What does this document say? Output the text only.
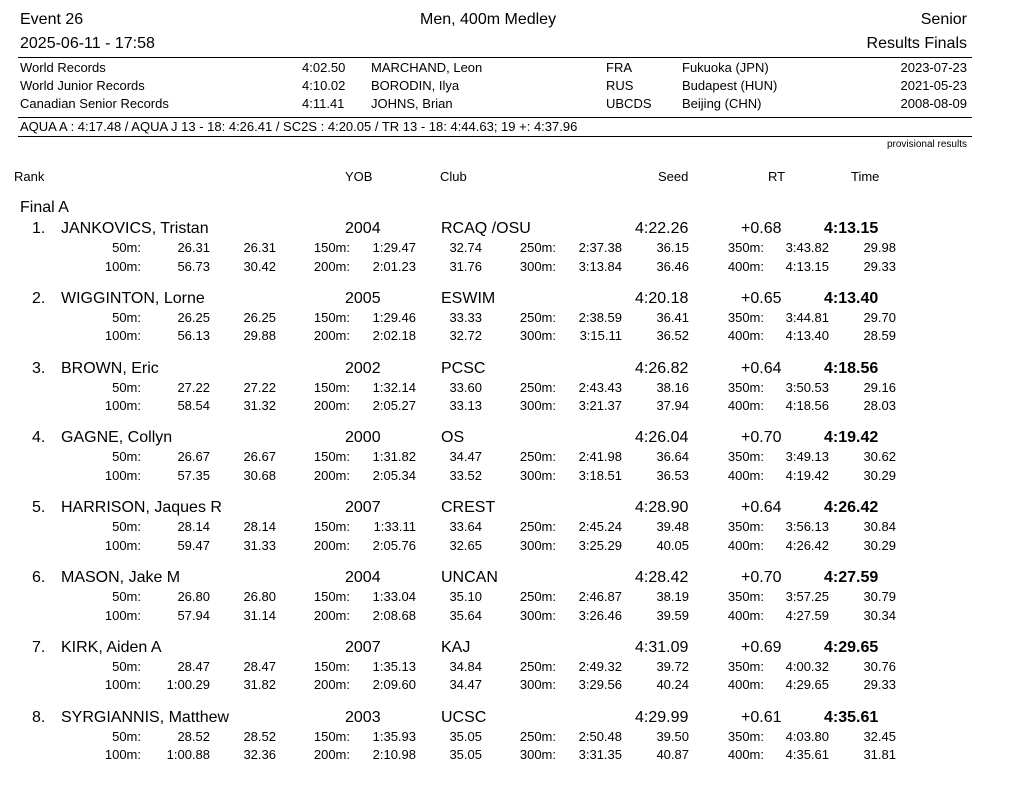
Event 26	Men, 400m Medley	Senior
2025-06-11 - 17:58	Results Finals
World Records	4:02.50 MARCHAND, Leon	FRA	Fukuoka (JPN)	2023-07-23
World Junior Records	4:10.02 BORODIN, Ilya	RUS	Budapest (HUN)	2021-05-23
Canadian Senior Records	4:11.41 JOHNS, Brian	UBCDS Beijing (CHN)	2008-08-09
AQUA A : 4:17.48 / AQUA J 13 - 18: 4:26.41 / SC2S : 4:20.05 / TR 13 - 18: 4:44.63; 19 +: 4:37.96
provisional results
Rank	YOB	Club	Seed	RT	Time
Final A
1. JANKOVICS, Tristan	2004	RCAQ /OSU	4:22.26	+0.68	4:13.15
50m:	26.31	26.31
100m:	56.73	30.42
150m: 1:29.47	32.74
200m: 2:01.23	31.76
250m: 2:37.38	36.15
300m: 3:13.84	36.46
350m: 3:43.82	29.98
400m: 4:13.15	29.33
2. WIGGINTON, Lorne	2005	ESWIM	4:20.18	+0.65	4:13.40
50m:	26.25	26.25
100m:	56.13	29.88
150m: 1:29.46	33.33
200m: 2:02.18	32.72
250m: 2:38.59	36.41
300m: 3:15.11	36.52
350m: 3:44.81	29.70
400m: 4:13.40	28.59
3. BROWN, Eric	2002	PCSC	4:26.82	+0.64	4:18.56
50m:	27.22	27.22
100m:	58.54	31.32
150m: 1:32.14	33.60
200m: 2:05.27	33.13
250m: 2:43.43	38.16
300m: 3:21.37	37.94
350m: 3:50.53	29.16
400m: 4:18.56	28.03
4. GAGNE, Collyn	2000	OS	4:26.04	+0.70	4:19.42
50m:	26.67	26.67
100m:	57.35	30.68
150m: 1:31.82	34.47
200m: 2:05.34	33.52
250m: 2:41.98	36.64
300m: 3:18.51	36.53
350m: 3:49.13	30.62
400m: 4:19.42	30.29
5. HARRISON, Jaques R	2007	CREST	4:28.90	+0.64	4:26.42
50m:	28.14	28.14
100m:	59.47	31.33
150m: 1:33.11	33.64
200m: 2:05.76	32.65
250m: 2:45.24	39.48
300m: 3:25.29	40.05
350m: 3:56.13	30.84
400m: 4:26.42	30.29
6. MASON, Jake M	2004	UNCAN	4:28.42	+0.70	4:27.59
50m:	26.80	26.80
100m:	57.94	31.14
150m: 1:33.04	35.10
200m: 2:08.68	35.64
250m: 2:46.87	38.19
300m: 3:26.46	39.59
350m: 3:57.25	30.79
400m: 4:27.59	30.34
7. KIRK, Aiden A	2007	KAJ	4:31.09	+0.69	4:29.65
50m:	28.47	28.47
100m: 1:00.29	31.82
150m: 1:35.13	34.84
200m: 2:09.60	34.47
250m: 2:49.32	39.72
300m: 3:29.56	40.24
350m: 4:00.32	30.76
400m: 4:29.65	29.33
8. SYRGIANNIS, Matthew	2003	UCSC	4:29.99	+0.61	4:35.61
50m:	28.52	28.52
100m: 1:00.88	32.36
150m: 1:35.93	35.05
200m: 2:10.98	35.05
250m: 2:50.48	39.50
300m: 3:31.35	40.87
350m: 4:03.80	32.45
400m: 4:35.61	31.81
